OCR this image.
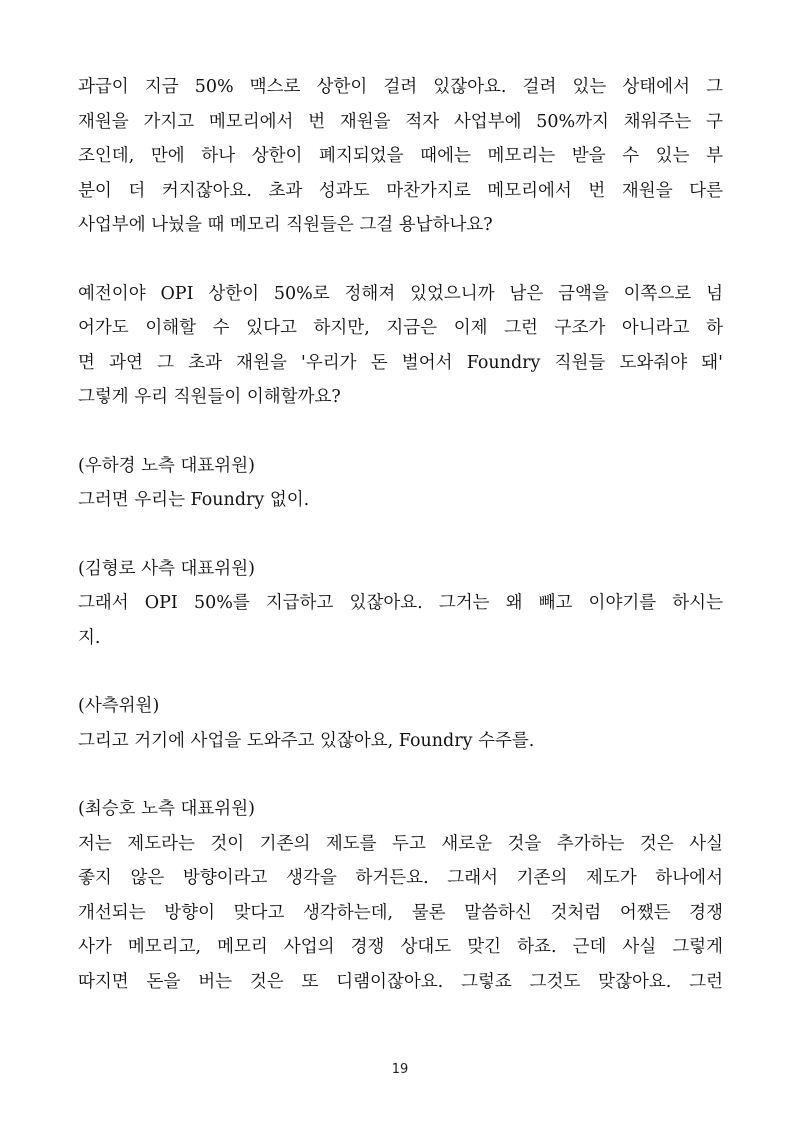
과급이 지금 50% 맥스로 상한이 걸려 있잖아요. 걸려 있는 상태에서 그
재원을 가지고 메모리에서 번 재원을 적자 사업부에 50%까지 채워주는 구
조인데, 만에 하나 상한이 폐지되었을 때에는 메모리는 받을 수 있는 부
분이 더 커지잖아요. 초과 성과도 마찬가지로 메모리에서 번 재원을 다른
사업부에 나눴을 때 메모리 직원들은 그걸 용납하나요?
예전이야 OPI 상한이 50%로 정해져 있었으니까 남은 금액을 이쪽으로 넘
어가도 이해할 수 있다고 하지만, 지금은 이제 그런 구조가 아니라고 하
면 과연 그 초과 재원을 '우리가 돈 벌어서 Foundry 직원들 도와줘야 돼'
그렇게 우리 직원들이 이해할까요?
(우하경 노측 대표위원)
그러면 우리는 Foundry 없이.
(김형로 사측 대표위원)
그래서 OPI 50%를 지급하고 있잖아요. 그거는 왜 빼고 이야기를 하시는
지.
(사측위원)
그리고 거기에 사업을 도와주고 있잖아요, Foundry 수주를.
(최승호 노측 대표위원)
저는 제도라는 것이 기존의 제도를 두고 새로운 것을 추가하는 것은 사실
좋지 않은 방향이라고 생각을 하거든요. 그래서 기존의 제도가 하나에서
개선되는 방향이 맞다고 생각하는데, 물론 말씀하신 것처럼 어쨌든 경쟁
사가 메모리고, 메모리 사업의 경쟁 상대도 맞긴 하죠. 근데 사실 그렇게
따지면 돈을 버는 것은 또 디램이잖아요. 그렇죠 그것도 맞잖아요. 그런
19
